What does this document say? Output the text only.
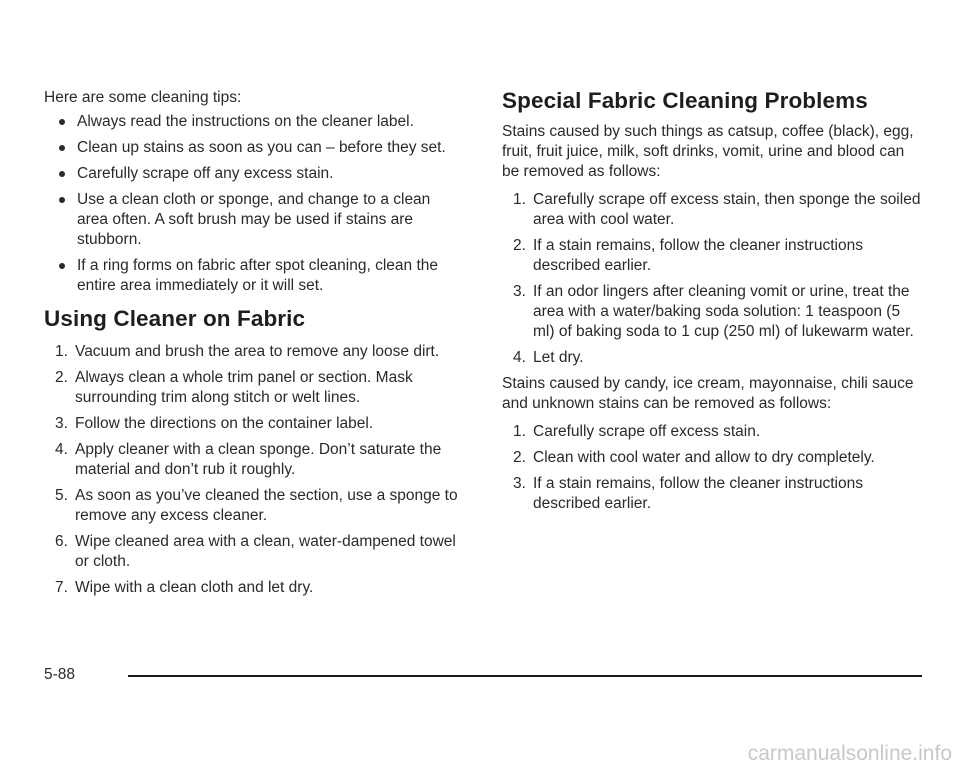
Here are some cleaning tips:

Always read the instructions on the cleaner label.
Clean up stains as soon as you can – before they set.
Carefully scrape off any excess stain.
Use a clean cloth or sponge, and change to a clean area often. A soft brush may be used if stains are stubborn.
If a ring forms on fabric after spot cleaning, clean the entire area immediately or it will set.
Using Cleaner on Fabric
1. Vacuum and brush the area to remove any loose dirt.
2. Always clean a whole trim panel or section. Mask surrounding trim along stitch or welt lines.
3. Follow the directions on the container label.
4. Apply cleaner with a clean sponge. Don’t saturate the material and don’t rub it roughly.
5. As soon as you’ve cleaned the section, use a sponge to remove any excess cleaner.
6. Wipe cleaned area with a clean, water-dampened towel or cloth.
7. Wipe with a clean cloth and let dry.
Special Fabric Cleaning Problems

Stains caused by such things as catsup, coffee (black), egg, fruit, fruit juice, milk, soft drinks, vomit, urine and blood can be removed as follows:

1. Carefully scrape off excess stain, then sponge the soiled area with cool water.
2. If a stain remains, follow the cleaner instructions described earlier.
3. If an odor lingers after cleaning vomit or urine, treat the area with a water/baking soda solution: 1 teaspoon (5 ml) of baking soda to 1 cup (250 ml) of lukewarm water.
4. Let dry.

Stains caused by candy, ice cream, mayonnaise, chili sauce and unknown stains can be removed as follows:

1. Carefully scrape off excess stain.
2. Clean with cool water and allow to dry completely.
3. If a stain remains, follow the cleaner instructions described earlier.
5-88
carmanualsonline.info
